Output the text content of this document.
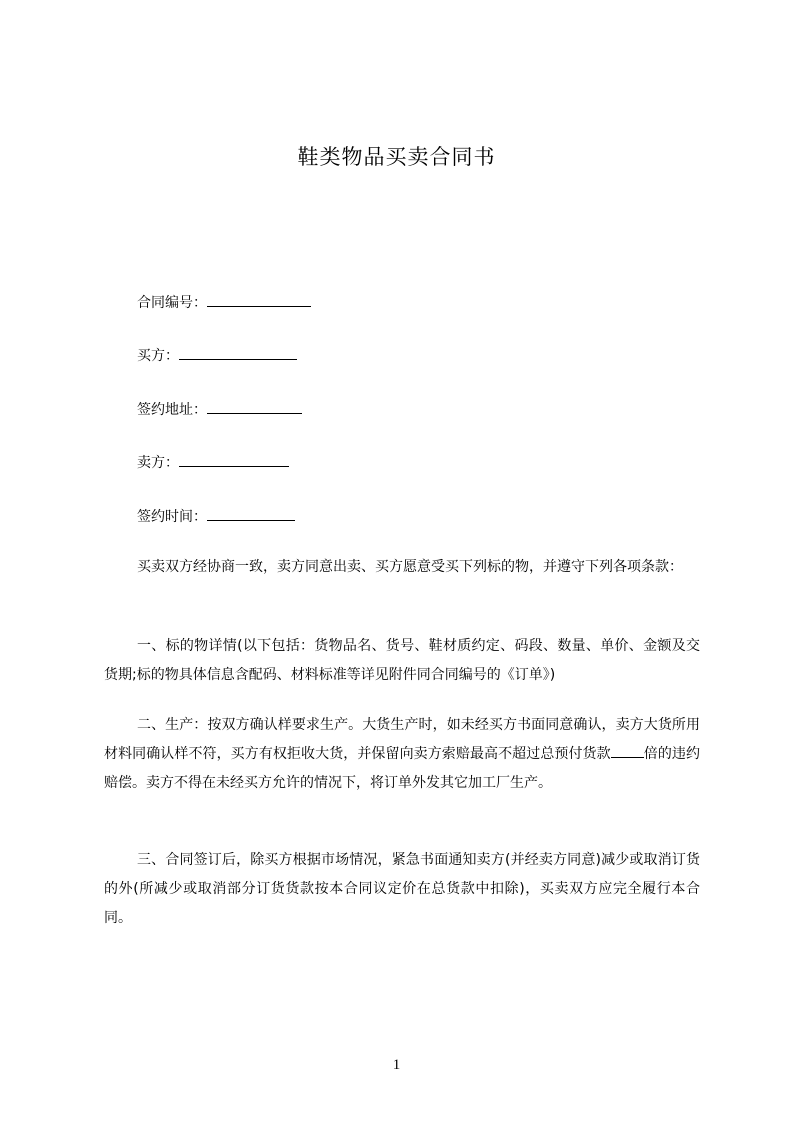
鞋类物品买卖合同书
合同编号：
买方：
签约地址：
卖方：
签约时间：
买卖双方经协商一致，卖方同意出卖、买方愿意受买下列标的物，并遵守下列各项条款：
一、标的物详情(以下包括：货物品名、货号、鞋材质约定、码段、数量、单价、金额及交货期;标的物具体信息含配码、材料标准等详见附件同合同编号的《订单》)
二、生产：按双方确认样要求生产。大货生产时，如未经买方书面同意确认，卖方大货所用材料同确认样不符，买方有权拒收大货，并保留向卖方索赔最高不超过总预付货款 倍的违约赔偿。卖方不得在未经买方允许的情况下，将订单外发其它加工厂生产。
三、合同签订后，除买方根据市场情况，紧急书面通知卖方(并经卖方同意)减少或取消订货的外(所减少或取消部分订货货款按本合同议定价在总货款中扣除)，买卖双方应完全履行本合同。
1
